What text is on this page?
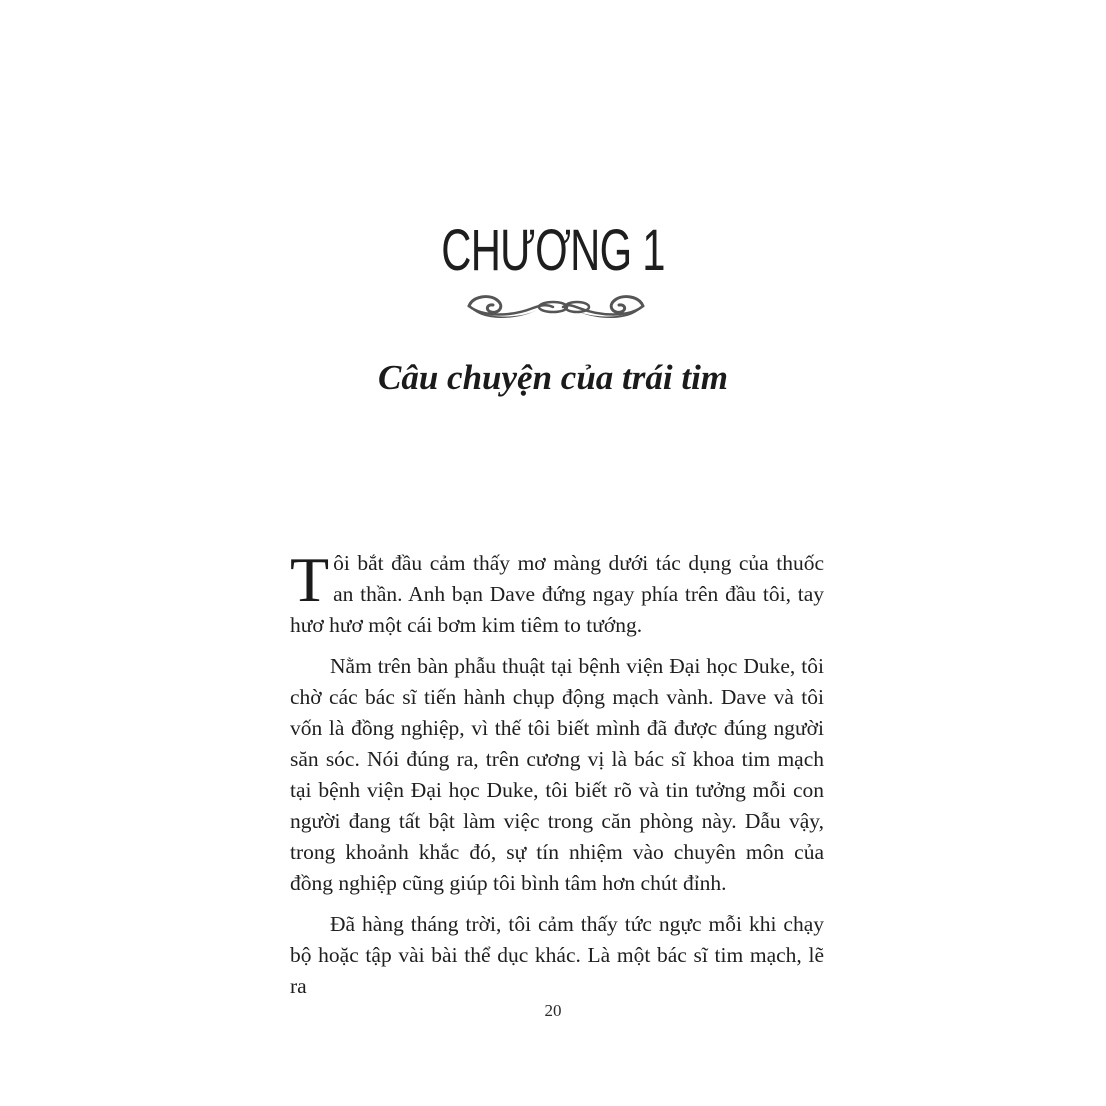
CHƯƠNG 1
Câu chuyện của trái tim

Tôi bắt đầu cảm thấy mơ màng dưới tác dụng của thuốc an thần. Anh bạn Dave đứng ngay phía trên đầu tôi, tay hươ hươ một cái bơm kim tiêm to tướng.

Nằm trên bàn phẫu thuật tại bệnh viện Đại học Duke, tôi chờ các bác sĩ tiến hành chụp động mạch vành. Dave và tôi vốn là đồng nghiệp, vì thế tôi biết mình đã được đúng người săn sóc. Nói đúng ra, trên cương vị là bác sĩ khoa tim mạch tại bệnh viện Đại học Duke, tôi biết rõ và tin tưởng mỗi con người đang tất bật làm việc trong căn phòng này. Dẫu vậy, trong khoảnh khắc đó, sự tín nhiệm vào chuyên môn của đồng nghiệp cũng giúp tôi bình tâm hơn chút đỉnh.

Đã hàng tháng trời, tôi cảm thấy tức ngực mỗi khi chạy bộ hoặc tập vài bài thể dục khác. Là một bác sĩ tim mạch, lẽ ra

20
